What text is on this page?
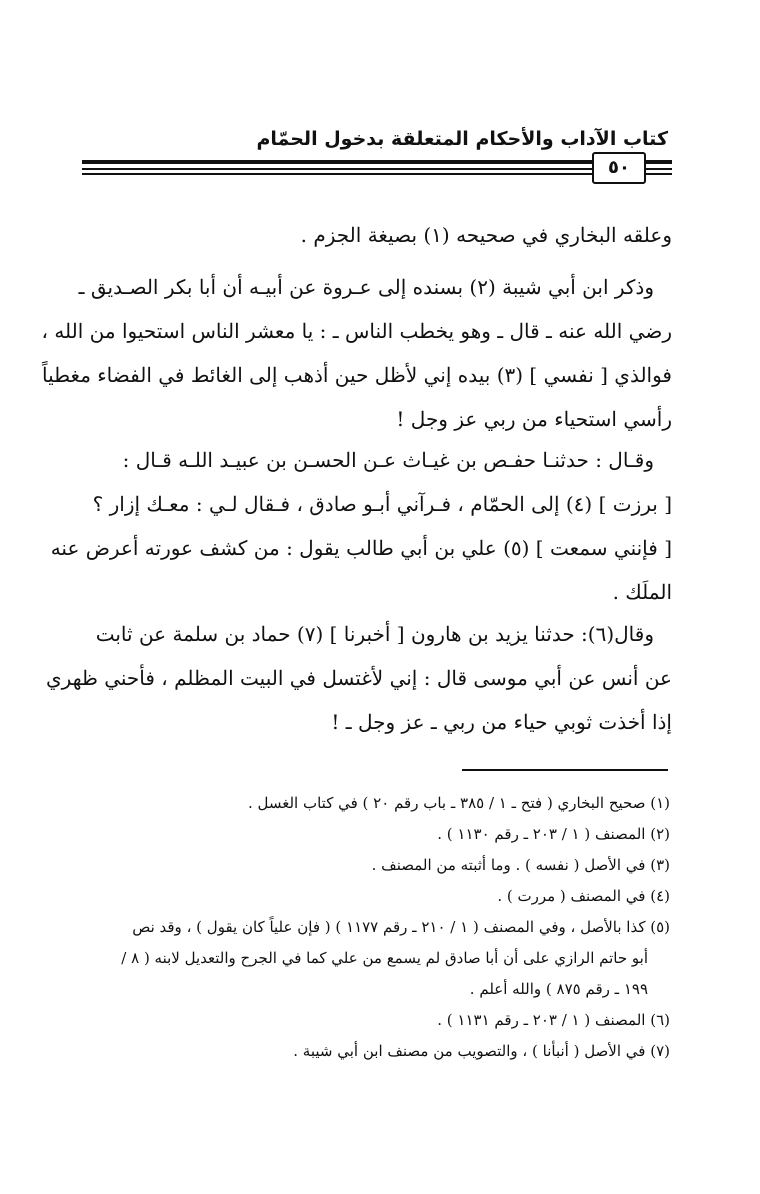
كتاب الآداب والأحكام المتعلقة بدخول الحمّام
٥٠
وعلقه البخاري في صحيحه (١) بصيغة الجزم .
وذكر ابن أبي شيبة (٢) بسنده إلى عـروة عن أبيـه أن أبا بكر الصـديق ـ
رضي الله عنه ـ قال ـ وهو يخطب الناس ـ : يا معشر الناس استحيوا من الله ،
فوالذي [ نفسي ] (٣) بيده إني لأظل حين أذهب إلى الغائط في الفضاء مغطياً
رأسي استحياء من ربي عز وجل !
وقـال : حدثنـا حفـص بن غيـاث عـن الحسـن بن عبيـد اللـه قـال :
[ برزت ] (٤) إلى الحمّام ، فـرآني أبـو صادق ، فـقال لـي : معـك إزار ؟
[ فإنني سمعت ] (٥) علي بن أبي طالب يقول : من كشف عورته أعرض عنه
الملَك .
وقال(٦): حدثنا يزيد بن هارون [ أخبرنا ] (٧) حماد بن سلمة عن ثابت
عن أنس عن أبي موسى قال : إني لأغتسل في البيت المظلم ، فأحني ظهري
إذا أخذت ثوبي حياء من ربي ـ عز وجل ـ !
(١) صحيح البخاري ( فتح ـ ١ / ٣٨٥ ـ باب رقم ٢٠ ) في كتاب الغسل .
(٢) المصنف ( ١ / ٢٠٣ ـ رقم ١١٣٠ ) .
(٣) في الأصل ( نفسه ) . وما أثبته من المصنف .
(٤) في المصنف ( مررت ) .
(٥) كذا بالأصل ، وفي المصنف ( ١ / ٢١٠ ـ رقم ١١٧٧ ) ( فإن علياً كان يقول ) ، وقد نص
أبو حاتم الرازي على أن أبا صادق لم يسمع من علي كما في الجرح والتعديل لابنه ( ٨ /
١٩٩ ـ رقم ٨٧٥ ) والله أعلم .
(٦) المصنف ( ١ / ٢٠٣ ـ رقم ١١٣١ ) .
(٧) في الأصل ( أنبأنا ) ، والتصويب من مصنف ابن أبي شيبة .
